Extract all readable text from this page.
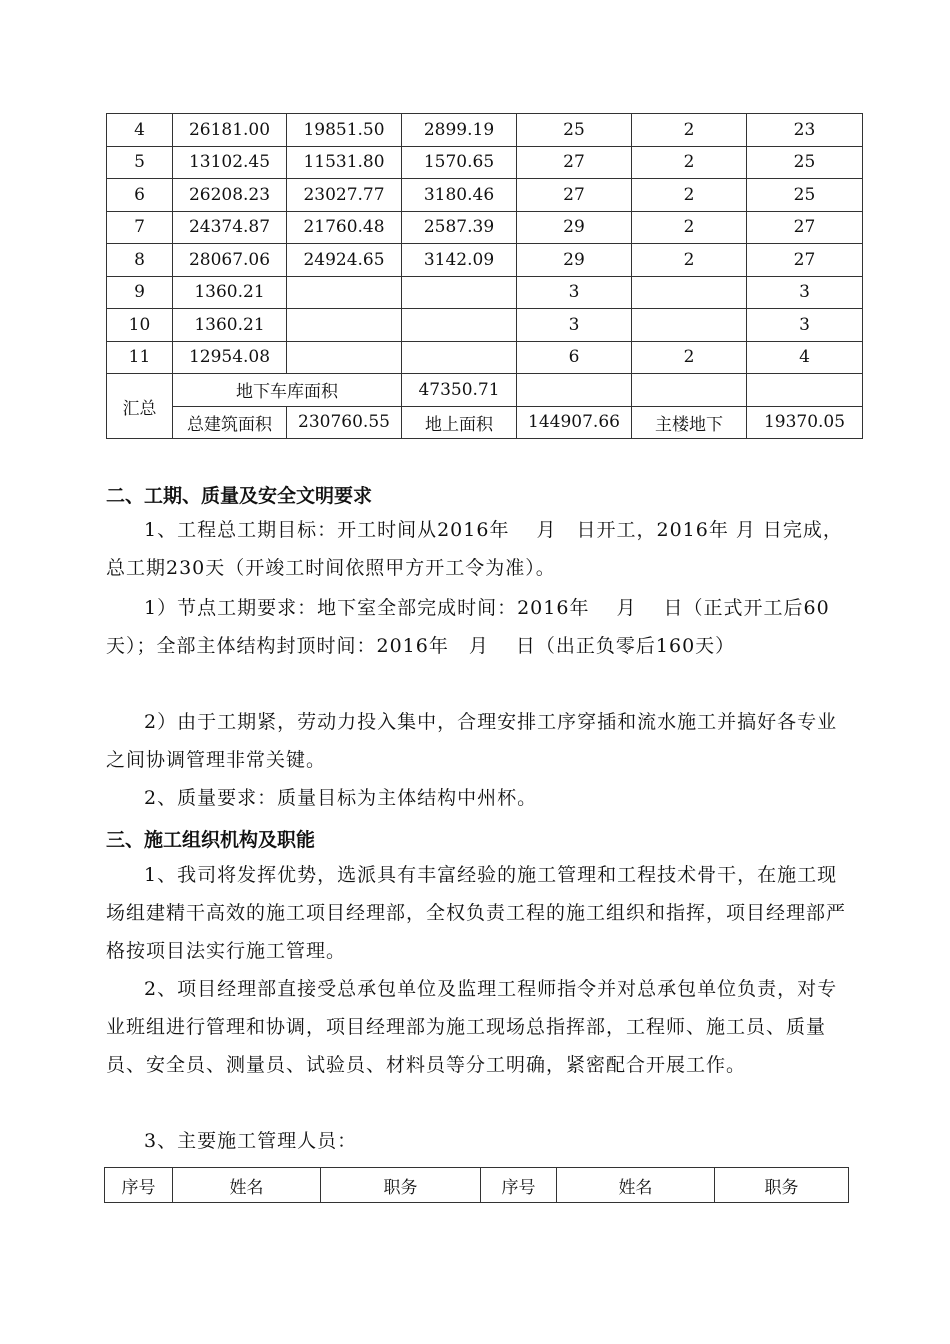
4	26181.00	19851.50	2899.19	25	2	23
5	13102.45	11531.80	1570.65	27	2	25
6	26208.23	23027.77	3180.46	27	2	25
7	24374.87	21760.48	2587.39	29	2	27
8	28067.06	24924.65	3142.09	29	2	27
9	1360.21			3		3
10	1360.21			3		3
11	12954.08			6	2	4
汇总	地下车库面积		47350.71			
	总建筑面积	230760.55	地上面积	144907.66	主楼地下	19370.05
二、工期、质量及安全文明要求

1、工程总工期目标：开工时间从2016年　 月　日开工，2016年 月 日完成，总工期230天（开竣工时间依照甲方开工令为准）。

1）节点工期要求：地下室全部完成时间：2016年　 月　 日（正式开工后60天）；全部主体结构封顶时间：2016年　月　 日（出正负零后160天）

2）由于工期紧，劳动力投入集中，合理安排工序穿插和流水施工并搞好各专业之间协调管理非常关键。

2、质量要求：质量目标为主体结构中州杯。

三、施工组织机构及职能

1、我司将发挥优势，选派具有丰富经验的施工管理和工程技术骨干，在施工现场组建精干高效的施工项目经理部，全权负责工程的施工组织和指挥，项目经理部严格按项目法实行施工管理。

2、项目经理部直接受总承包单位及监理工程师指令并对总承包单位负责，对专业班组进行管理和协调，项目经理部为施工现场总指挥部，工程师、施工员、质量员、安全员、测量员、试验员、材料员等分工明确，紧密配合开展工作。

3、主要施工管理人员：

序号	姓名	职务	序号	姓名	职务
